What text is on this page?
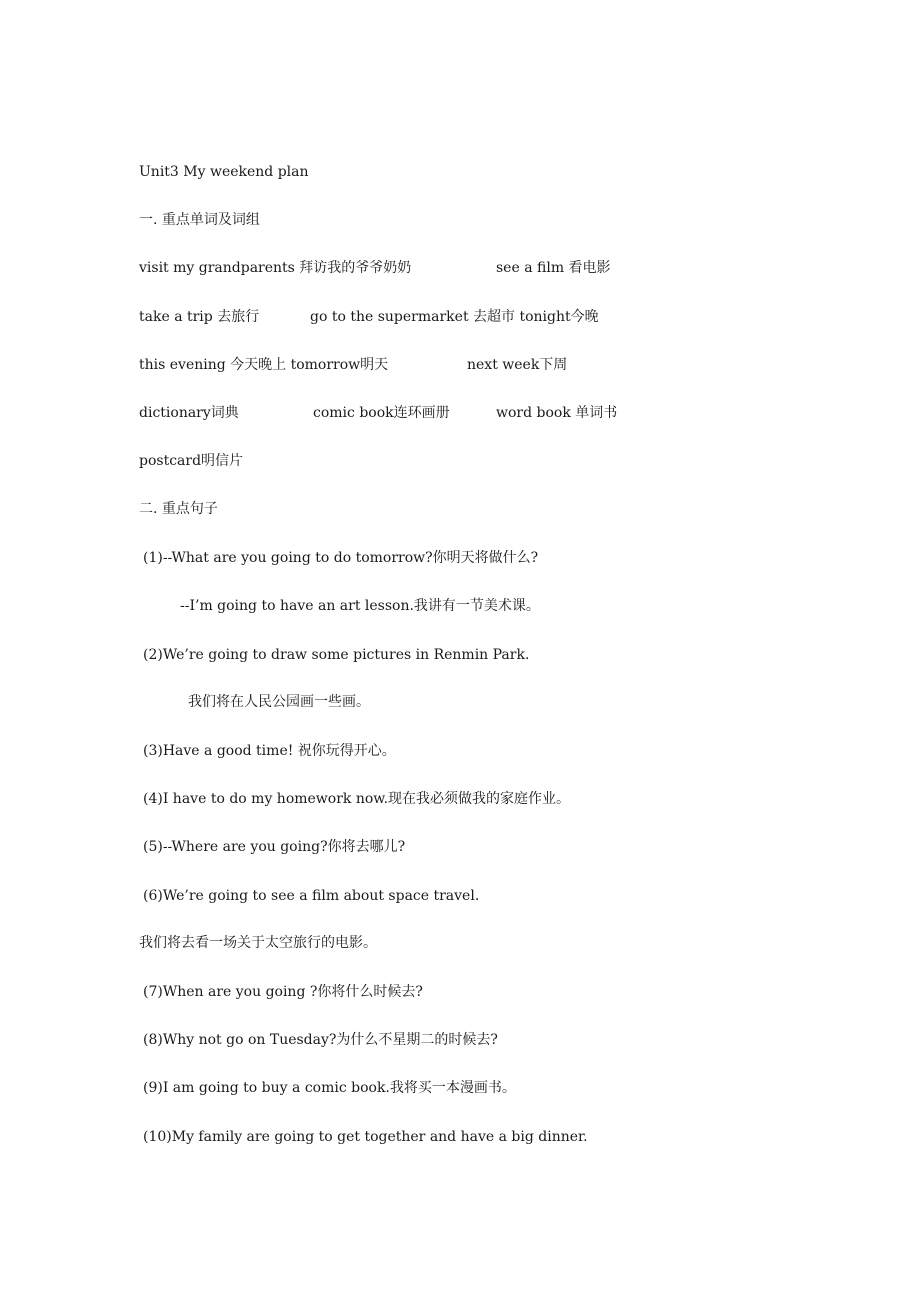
Unit3 My weekend plan
一. 重点单词及词组
visit my grandparents 拜访我的爷爷奶奶	see a film 看电影
take a trip 去旅行	go to the supermarket 去超市 tonight今晚
this evening 今天晚上 tomorrow明天	next week下周
dictionary词典	comic book连环画册	word book 单词书
postcard明信片
二. 重点句子
(1)--What are you going to do tomorrow?你明天将做什么?
--I’m going to have an art lesson.我讲有一节美术课。
(2)We’re going to draw some pictures in Renmin Park.
我们将在人民公园画一些画。
(3)Have a good time! 祝你玩得开心。
(4)I have to do my homework now.现在我必须做我的家庭作业。
(5)--Where are you going?你将去哪儿?
(6)We’re going to see a film about space travel.
我们将去看一场关于太空旅行的电影。
(7)When are you going ?你将什么时候去?
(8)Why not go on Tuesday?为什么不星期二的时候去?
(9)I am going to buy a comic book.我将买一本漫画书。
(10)My family are going to get together and have a big dinner.
